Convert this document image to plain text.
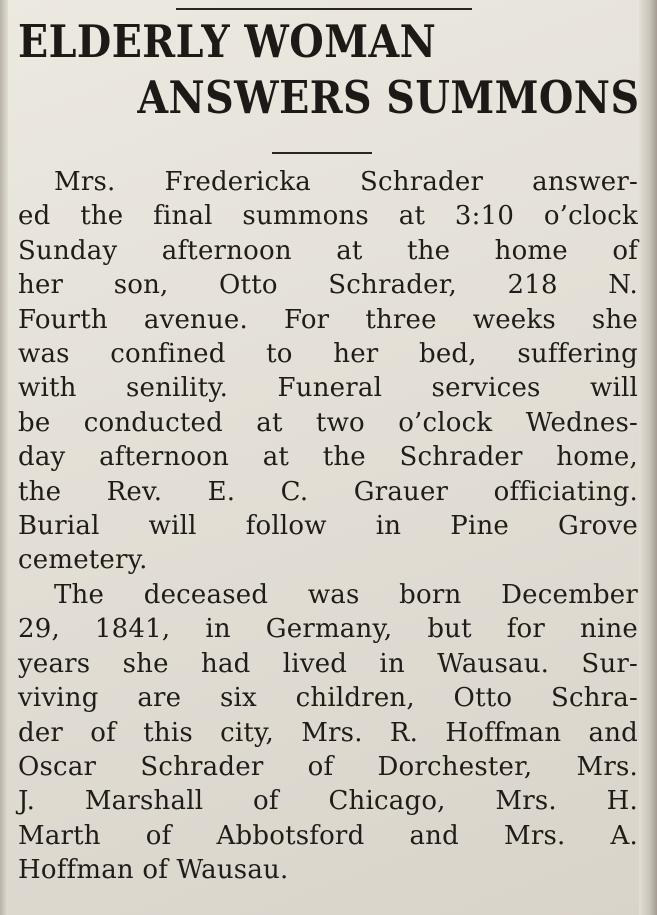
ELDERLY WOMAN
ANSWERS SUMMONS
Mrs. Fredericka Schrader answer-
ed the final summons at 3:10 o’clock
Sunday afternoon at the home of
her son, Otto Schrader, 218 N.
Fourth avenue. For three weeks she
was confined to her bed, suffering
with senility. Funeral services will
be conducted at two o’clock Wednes-
day afternoon at the Schrader home,
the Rev. E. C. Grauer officiating.
Burial will follow in Pine Grove
cemetery.
The deceased was born December
29, 1841, in Germany, but for nine
years she had lived in Wausau. Sur-
viving are six children, Otto Schra-
der of this city, Mrs. R. Hoffman and
Oscar Schrader of Dorchester, Mrs.
J. Marshall of Chicago, Mrs. H.
Marth of Abbotsford and Mrs. A.
Hoffman of Wausau.
